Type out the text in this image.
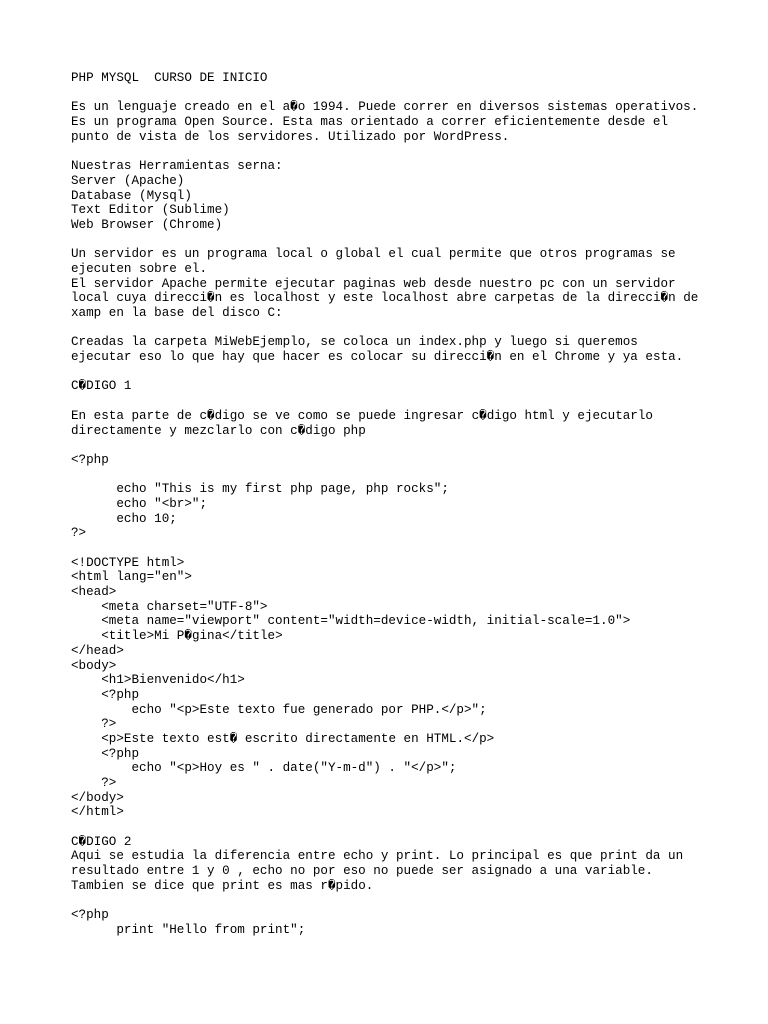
PHP MYSQL  CURSO DE INICIO
Es un lenguaje creado en el a�o 1994. Puede correr en diversos sistemas operativos.
Es un programa Open Source. Esta mas orientado a correr eficientemente desde el
punto de vista de los servidores. Utilizado por WordPress.
Nuestras Herramientas serna:
Server (Apache)
Database (Mysql)
Text Editor (Sublime)
Web Browser (Chrome)
Un servidor es un programa local o global el cual permite que otros programas se
ejecuten sobre el.
El servidor Apache permite ejecutar paginas web desde nuestro pc con un servidor
local cuya direcci�n es localhost y este localhost abre carpetas de la direcci�n de
xamp en la base del disco C:
Creadas la carpeta MiWebEjemplo, se coloca un index.php y luego si queremos
ejecutar eso lo que hay que hacer es colocar su direcci�n en el Chrome y ya esta.
C�DIGO 1
En esta parte de c�digo se ve como se puede ingresar c�digo html y ejecutarlo
directamente y mezclarlo con c�digo php
<?php
echo "This is my first php page, php rocks";
echo "<br>";
echo 10;
?>
<!DOCTYPE html>
<html lang="en">
<head>
<meta charset="UTF-8">
<meta name="viewport" content="width=device-width, initial-scale=1.0">
<title>Mi P�gina</title>
</head>
<body>
<h1>Bienvenido</h1>
<?php
echo "<p>Este texto fue generado por PHP.</p>";
?>
<p>Este texto est� escrito directamente en HTML.</p>
<?php
echo "<p>Hoy es " . date("Y-m-d") . "</p>";
?>
</body>
</html>
C�DIGO 2
Aqui se estudia la diferencia entre echo y print. Lo principal es que print da un
resultado entre 1 y 0 , echo no por eso no puede ser asignado a una variable.
Tambien se dice que print es mas r�pido.
<?php
print "Hello from print";
